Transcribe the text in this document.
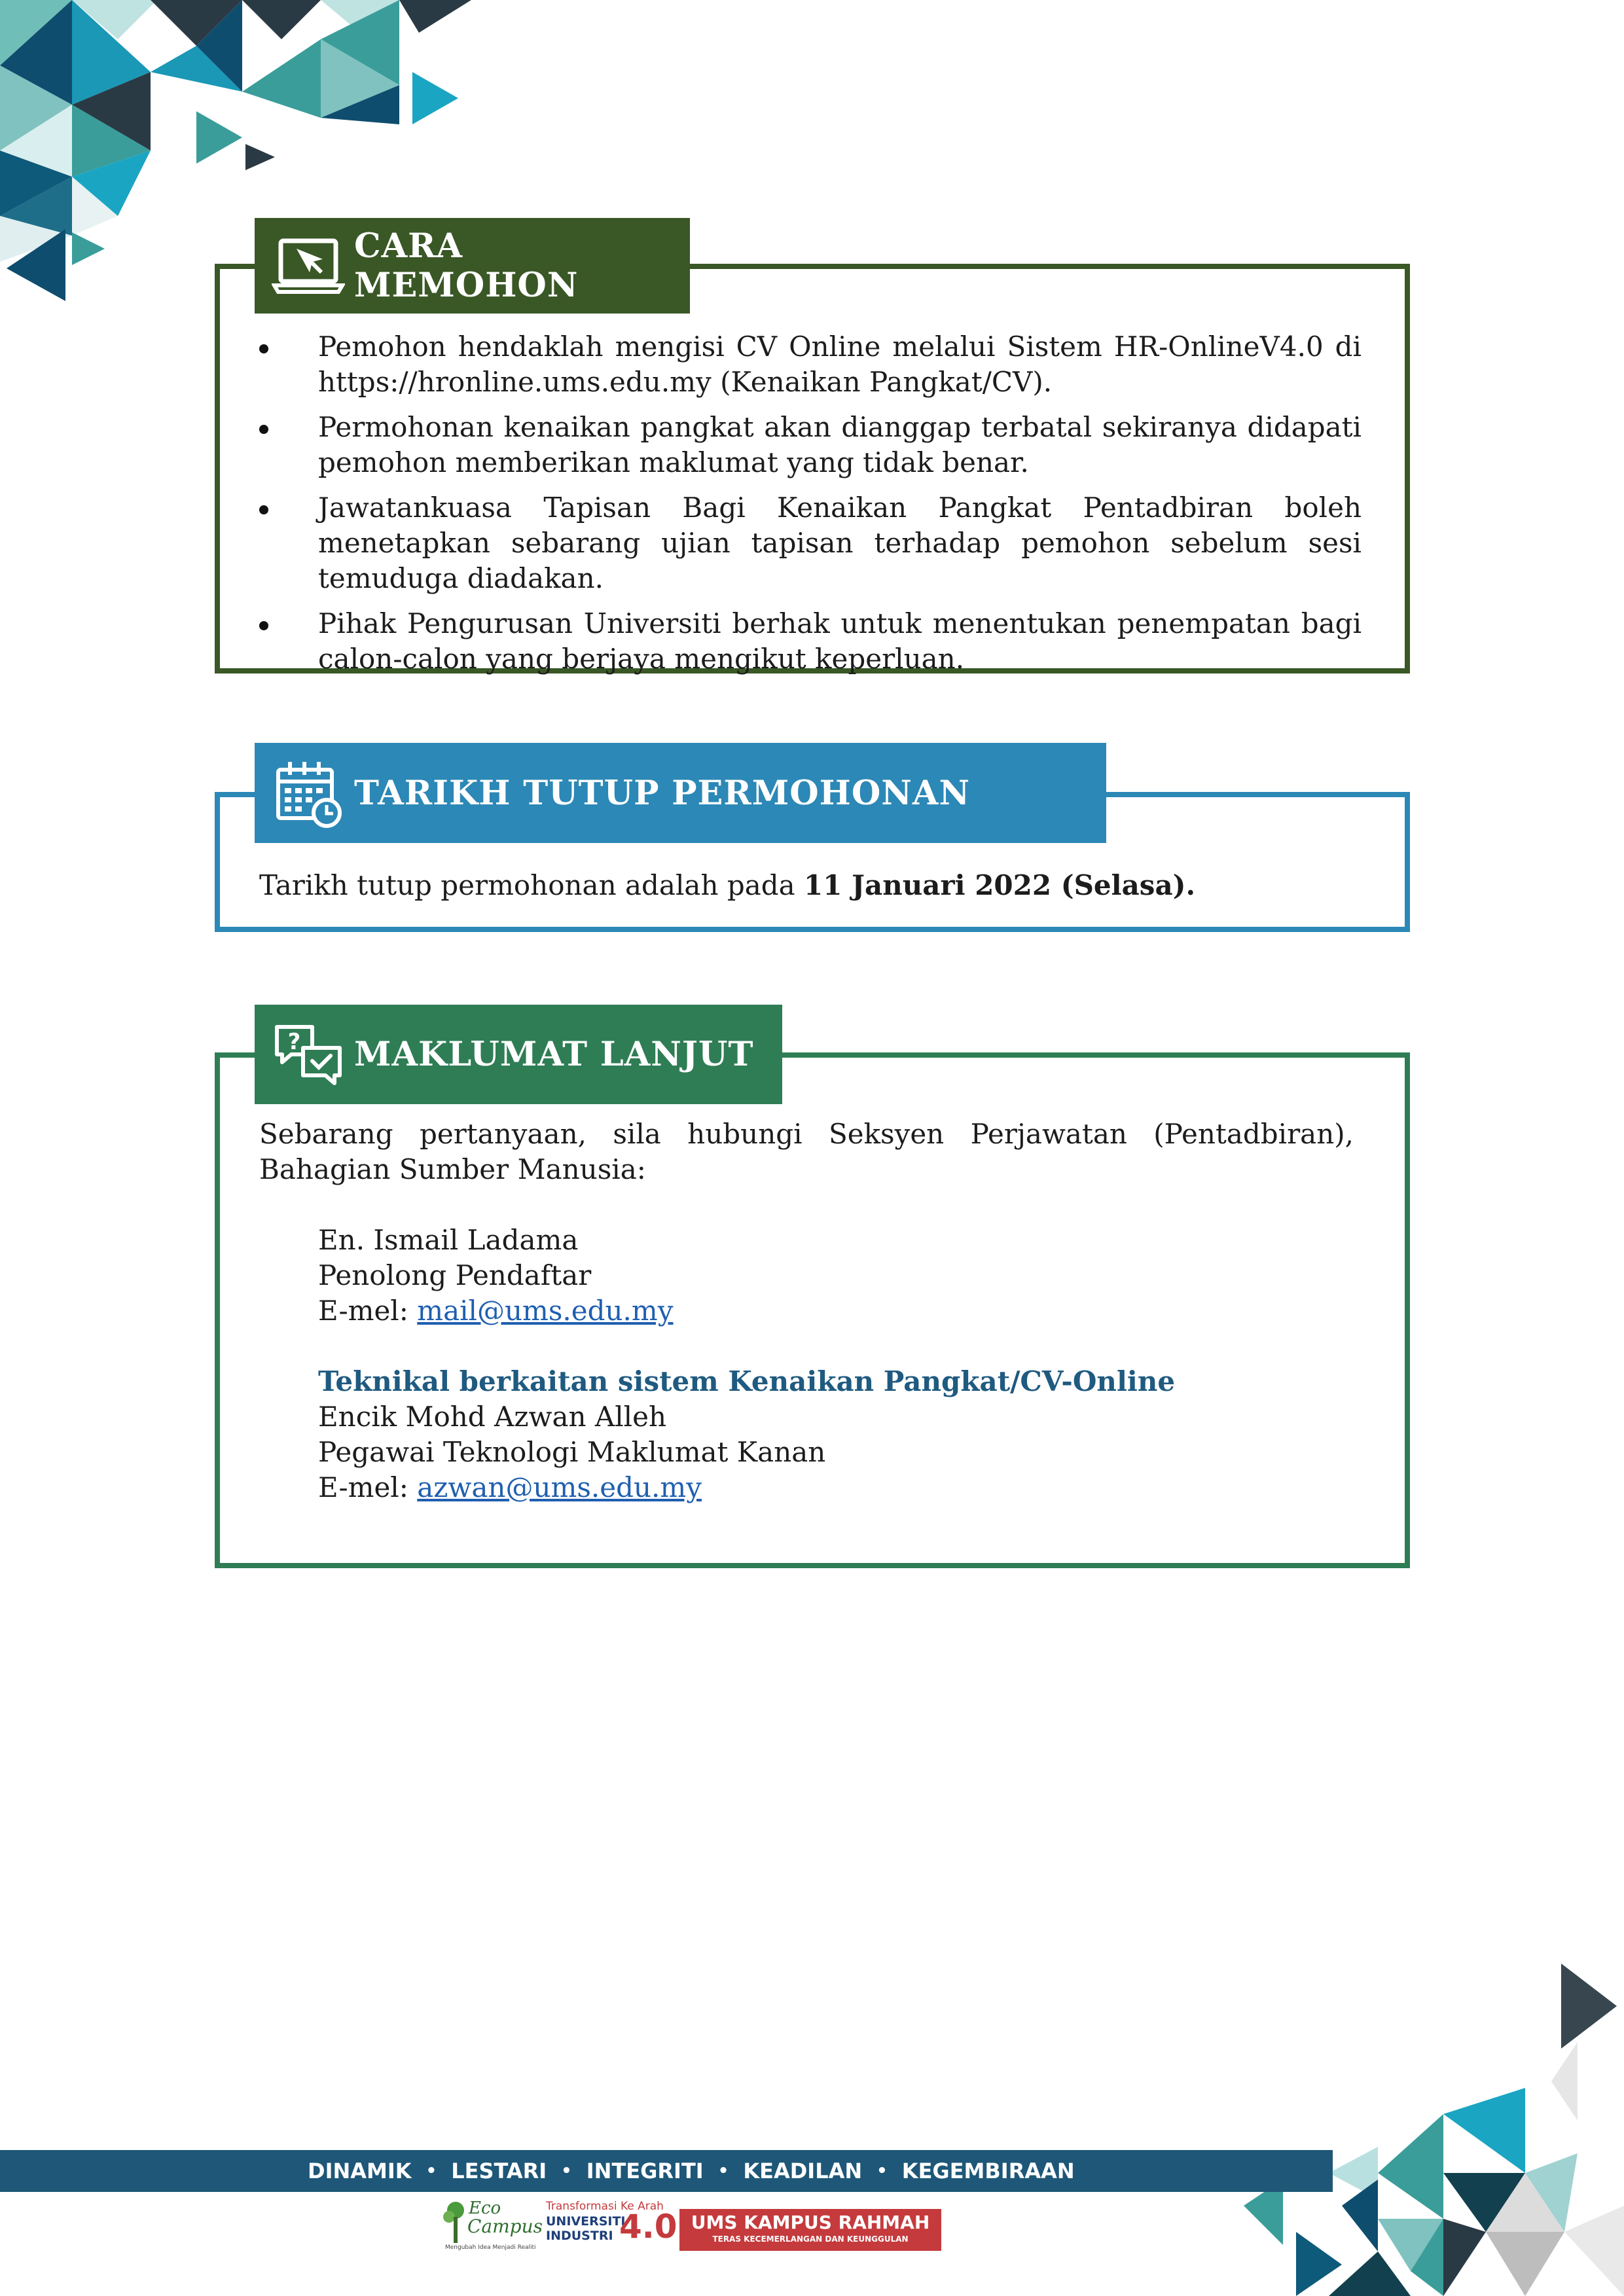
CARA MEMOHON
Pemohon hendaklah mengisi CV Online melalui Sistem HR-OnlineV4.0 di https://hronline.ums.edu.my (Kenaikan Pangkat/CV).
Permohonan kenaikan pangkat akan dianggap terbatal sekiranya didapati pemohon memberikan maklumat yang tidak benar.
Jawatankuasa Tapisan Bagi Kenaikan Pangkat Pentadbiran boleh menetapkan sebarang ujian tapisan terhadap pemohon sebelum sesi temuduga diadakan.
Pihak Pengurusan Universiti berhak untuk menentukan penempatan bagi calon-calon yang berjaya mengikut keperluan.
TARIKH TUTUP PERMOHONAN
Tarikh tutup permohonan adalah pada 11 Januari 2022 (Selasa).
? MAKLUMAT LANJUT
Sebarang pertanyaan, sila hubungi Seksyen Perjawatan (Pentadbiran), Bahagian Sumber Manusia:
En. Ismail Ladama
Penolong Pendaftar
E-mel: mail@ums.edu.my
Teknikal berkaitan sistem Kenaikan Pangkat/CV-Online
Encik Mohd Azwan Alleh
Pegawai Teknologi Maklumat Kanan
E-mel: azwan@ums.edu.my
DINAMIK • LESTARI • INTEGRITI • KEADILAN • KEGEMBIRAAN
Eco
Campus
Mengubah Idea Menjadi Realiti
Transformasi Ke Arah
UNIVERSITI
INDUSTRI 4.0 UMS KAMPUS RAHMAH
TERAS KECEMERLANGAN DAN KEUNGGULAN
